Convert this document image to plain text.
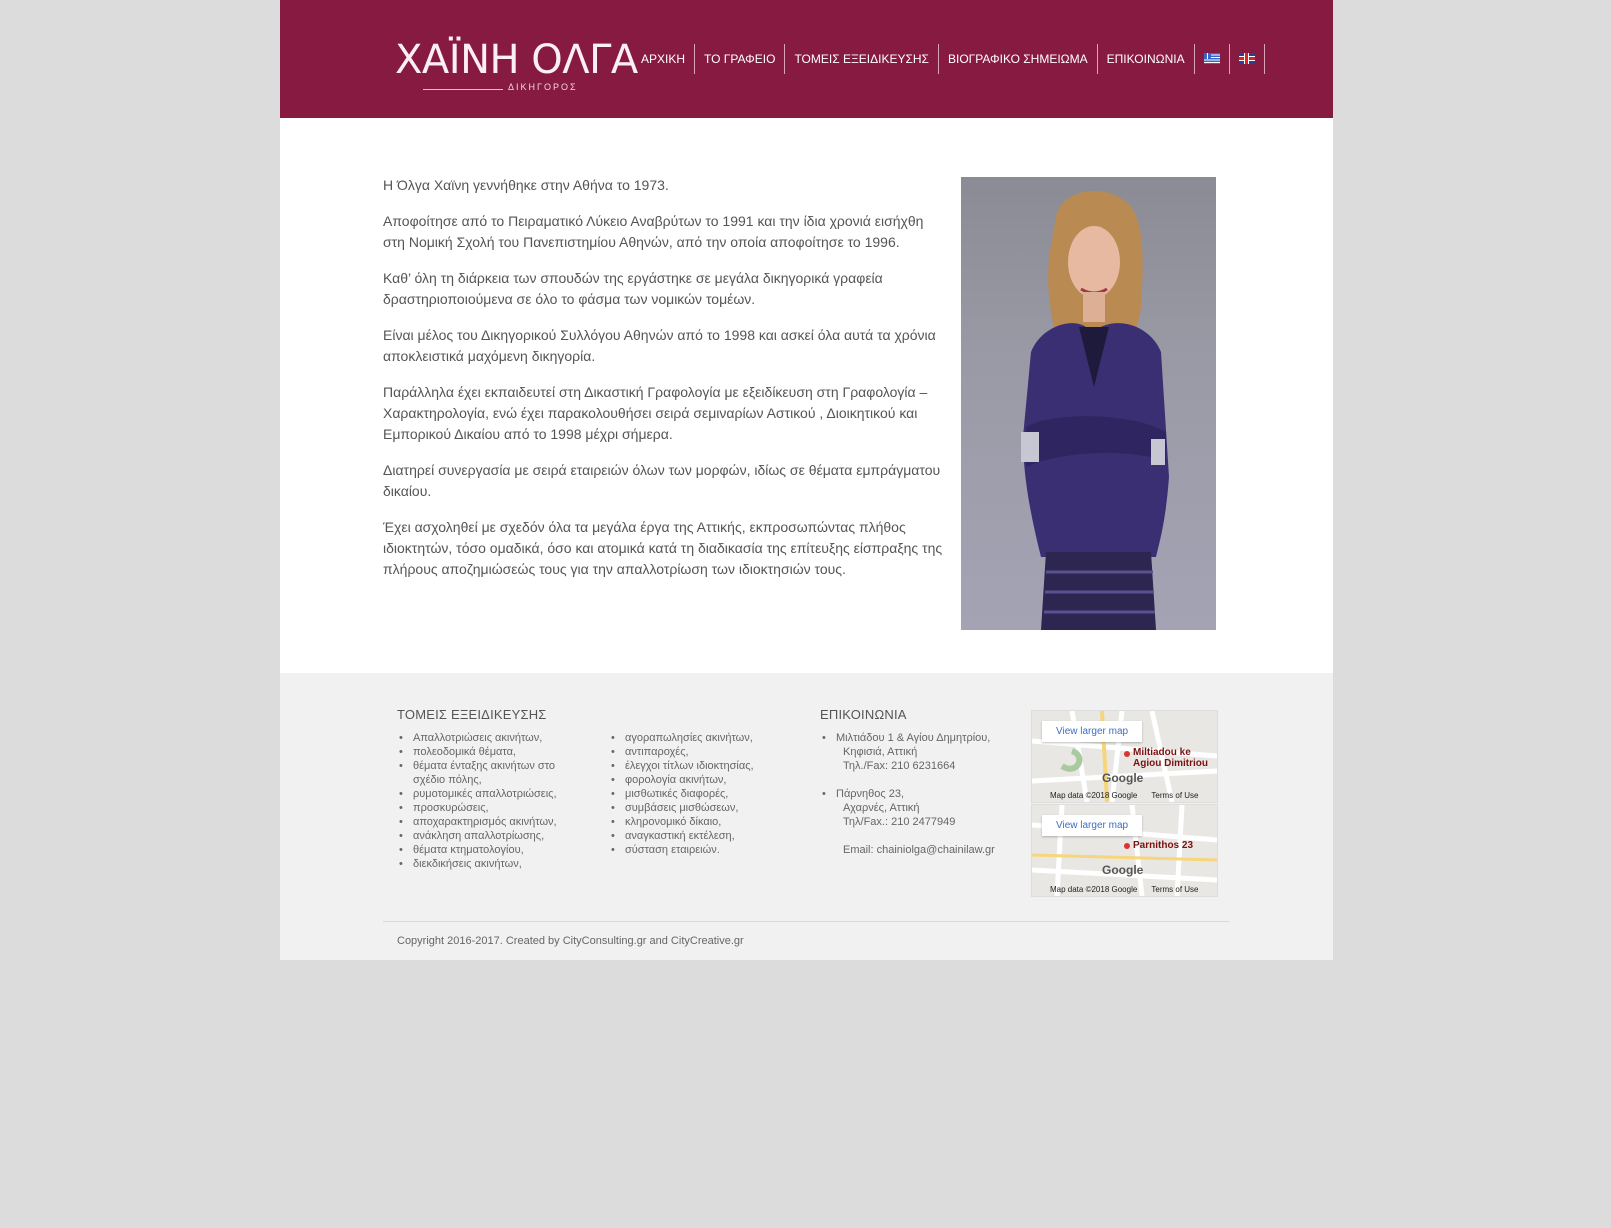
ΧΑΪΝΗ ΟΛΓΑ
ΔΙΚΗΓΟΡΟΣ
ΑΡΧΙΚΗ	ΤΟ ΓΡΑΦΕΙΟ	ΤΟΜΕΙΣ ΕΞΕΙΔΙΚΕΥΣΗΣ	ΒΙΟΓΡΑΦΙΚΟ ΣΗΜΕΙΩΜΑ	ΕΠΙΚΟΙΝΩΝΙΑ

Η Όλγα Χαϊνη γεννήθηκε στην Αθήνα το 1973.

Αποφοίτησε από το Πειραματικό Λύκειο Αναβρύτων το 1991 και την ίδια χρονιά εισήχθη στη Νομική Σχολή του Πανεπιστημίου Αθηνών, από την οποία αποφοίτησε το 1996.

Καθ’ όλη τη διάρκεια των σπουδών της εργάστηκε σε μεγάλα δικηγορικά γραφεία δραστηριοποιούμενα σε όλο το φάσμα των νομικών τομέων.

Είναι μέλος του Δικηγορικού Συλλόγου Αθηνών από το 1998 και ασκεί όλα αυτά τα χρόνια αποκλειστικά μαχόμενη δικηγορία.

Παράλληλα έχει εκπαιδευτεί στη Δικαστική Γραφολογία με εξειδίκευση στη Γραφολογία – Χαρακτηρολογία, ενώ έχει παρακολουθήσει σειρά σεμιναρίων Αστικού , Διοικητικού και Εμπορικού Δικαίου από το 1998 μέχρι σήμερα.

Διατηρεί συνεργασία με σειρά εταιρειών όλων των μορφών, ιδίως σε θέματα εμπράγματου δικαίου.

Έχει ασχοληθεί με σχεδόν όλα τα μεγάλα έργα της Αττικής, εκπροσωπώντας πλήθος ιδιοκτητών, τόσο ομαδικά, όσο και ατομικά κατά τη διαδικασία της επίτευξης είσπραξης της πλήρους αποζημιώσεώς τους για την απαλλοτρίωση των ιδιοκτησιών τους.

ΤΟΜΕΙΣ ΕΞΕΙΔΙΚΕΥΣΗΣ
• Απαλλοτριώσεις ακινήτων,
• πολεοδομικά θέματα,
• θέματα ένταξης ακινήτων στο σχέδιο πόλης,
• ρυμοτομικές απαλλοτριώσεις,
• προσκυρώσεις,
• αποχαρακτηρισμός ακινήτων,
• ανάκληση απαλλοτρίωσης,
• θέματα κτηματολογίου,
• διεκδικήσεις ακινήτων,
• αγοραπωλησίες ακινήτων,
• αντιπαροχές,
• έλεγχοι τίτλων ιδιοκτησίας,
• φορολογία ακινήτων,
• μισθωτικές διαφορές,
• συμβάσεις μισθώσεων,
• κληρονομικό δίκαιο,
• αναγκαστική εκτέλεση,
• σύσταση εταιρειών.
ΕΠΙΚΟΙΝΩΝΙΑ
• Μιλτιάδου 1 & Αγίου Δημητρίου,
Κηφισιά, Αττική
Τηλ./Fax: 210 6231664
• Πάρνηθος 23,
Αχαρνές, Αττική
Τηλ/Fax.: 210 2477949
Email: chainiolga@chainilaw.gr
View larger map
Miltiadou ke Agiou Dimitriou
Google
Map data ©2018 Google Terms of Use
View larger map
Parnithos 23
Google
Map data ©2018 Google Terms of Use
Copyright 2016-2017. Created by CityConsulting.gr and CityCreative.gr
